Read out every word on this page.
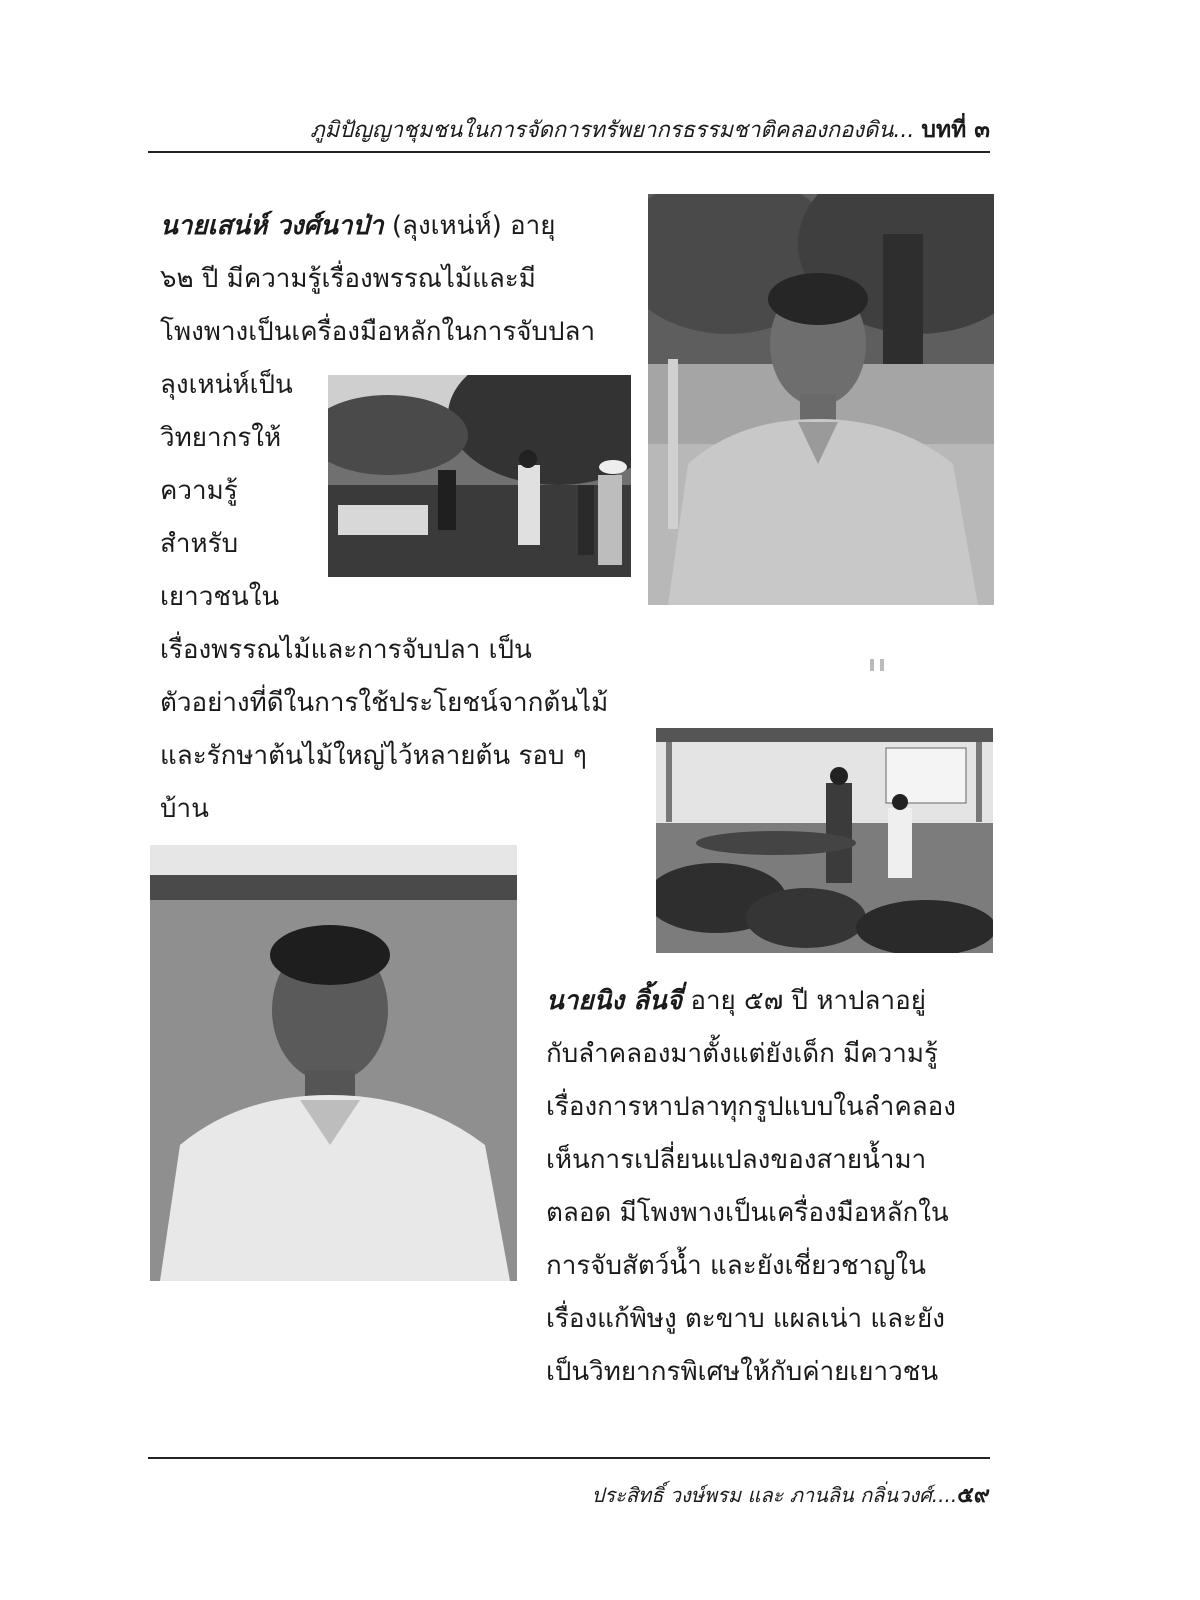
ภูมิปัญญาชุมชนในการจัดการทรัพยากรธรรมชาติคลองกองดิน... บทที่ ๓
นายเสน่ห์ วงศ์นาป่า (ลุงเหน่ห์) อายุ
๖๒ ปี มีความรู้เรื่องพรรณไม้และมี
โพงพางเป็นเครื่องมือหลักในการจับปลา
ลุงเหน่ห์เป็น
วิทยากรให้
ความรู้
สำหรับ
เยาวชนใน
เรื่องพรรณไม้และการจับปลา เป็น
ตัวอย่างที่ดีในการใช้ประโยชน์จากต้นไม้
และรักษาต้นไม้ใหญ่ไว้หลายต้น รอบ ๆ
บ้าน
นายนิง ลิ้นจี่ อายุ ๕๗ ปี หาปลาอยู่
กับลำคลองมาตั้งแต่ยังเด็ก มีความรู้
เรื่องการหาปลาทุกรูปแบบในลำคลอง
เห็นการเปลี่ยนแปลงของสายน้ำมา
ตลอด มีโพงพางเป็นเครื่องมือหลักใน
การจับสัตว์น้ำ และยังเชี่ยวชาญใน
เรื่องแก้พิษงู ตะขาบ แผลเน่า และยัง
เป็นวิทยากรพิเศษให้กับค่ายเยาวชน
ประสิทธิ์ วงษ์พรม และ ภานลิน กลิ่นวงศ์....๕๙
